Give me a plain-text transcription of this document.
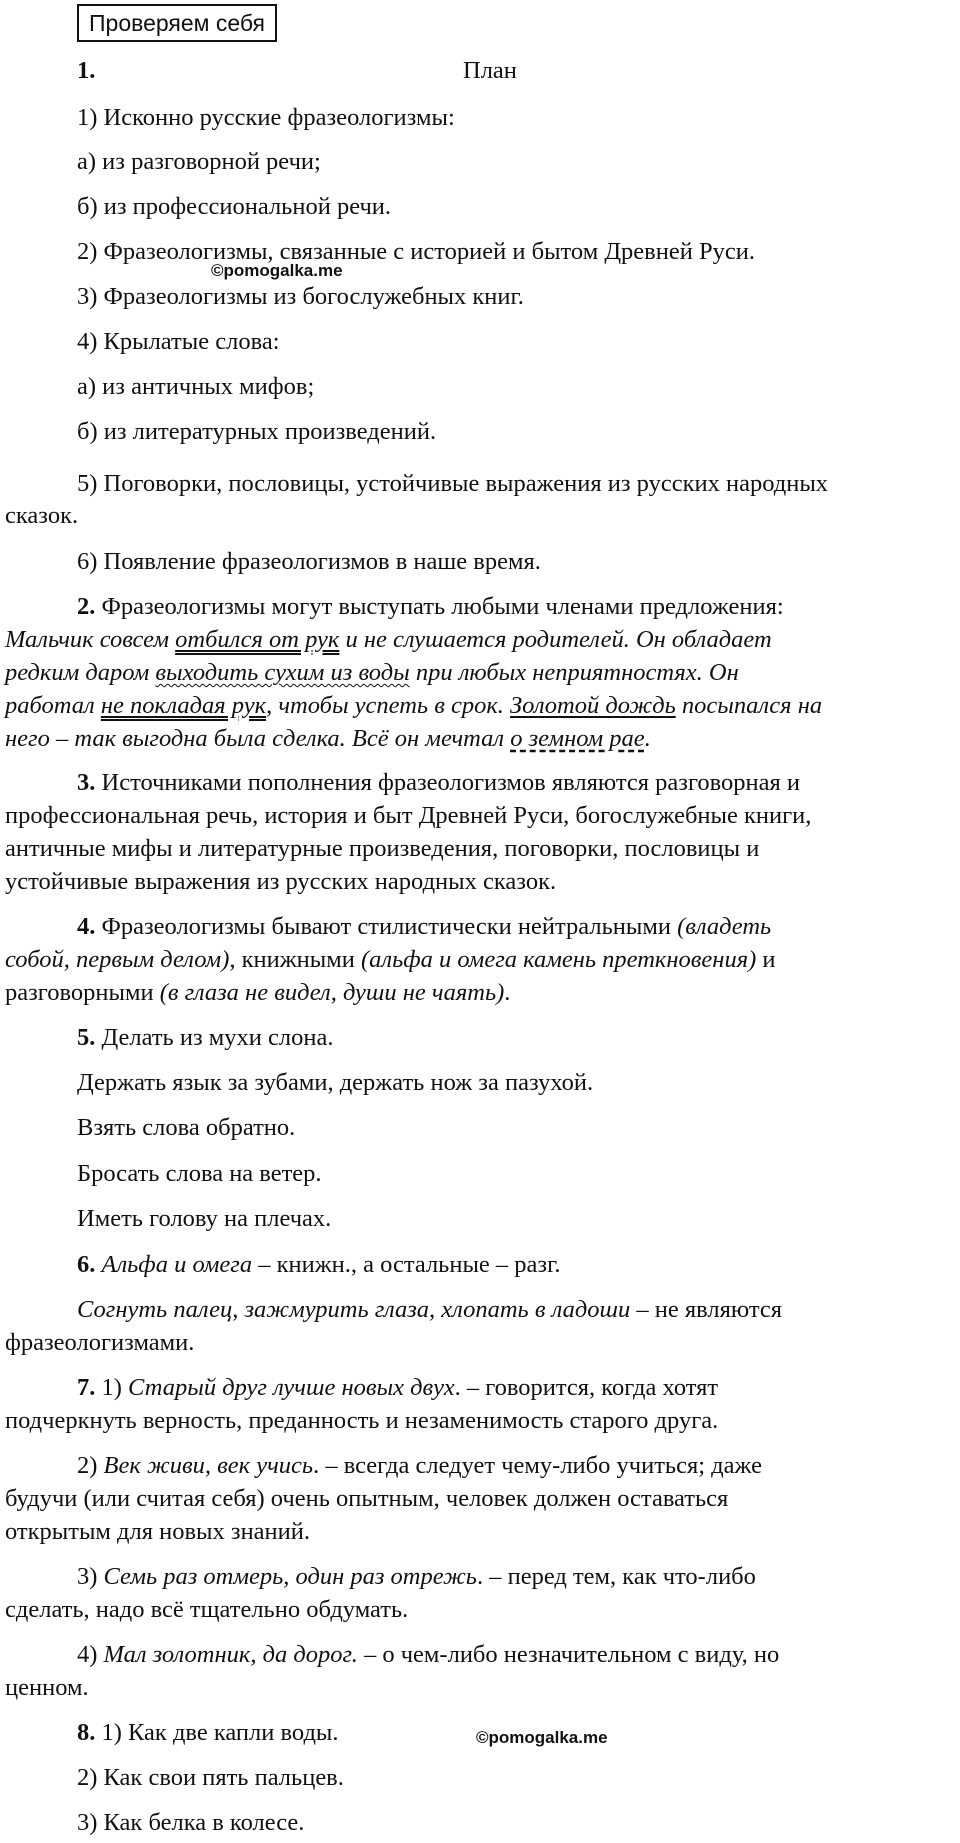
Проверяем себя
1.	План
1) Исконно русские фразеологизмы:
а) из разговорной речи;
б) из профессиональной речи.
2) Фразеологизмы, связанные с историей и бытом Древней Руси.
©pomogalka.me
3) Фразеологизмы из богослужебных книг.
4) Крылатые слова:
а) из античных мифов;
б) из литературных произведений.
5) Поговорки, пословицы, устойчивые выражения из русских народных
сказок.
6) Появление фразеологизмов в наше время.
2. Фразеологизмы могут выступать любыми членами предложения:
Мальчик совсем отбился от рук и не слушается родителей. Он обладает
редким даром выходить сухим из воды при любых неприятностях. Он
работал не покладая рук, чтобы успеть в срок. Золотой дождь посыпался на
него – так выгодна была сделка. Всё он мечтал о земном рае.
3. Источниками пополнения фразеологизмов являются разговорная и
профессиональная речь, история и быт Древней Руси, богослужебные книги,
античные мифы и литературные произведения, поговорки, пословицы и
устойчивые выражения из русских народных сказок.
4. Фразеологизмы бывают стилистически нейтральными (владеть
собой, первым делом), книжными (альфа и омега камень преткновения) и
разговорными (в глаза не видел, души не чаять).
5. Делать из мухи слона.
Держать язык за зубами, держать нож за пазухой.
Взять слова обратно.
Бросать слова на ветер.
Иметь голову на плечах.
6. Альфа и омега – книжн., а остальные – разг.
Согнуть палец, зажмурить глаза, хлопать в ладоши – не являются
фразеологизмами.
7. 1) Старый друг лучше новых двух. – говорится, когда хотят
подчеркнуть верность, преданность и незаменимость старого друга.
2) Век живи, век учись. – всегда следует чему-либо учиться; даже
будучи (или считая себя) очень опытным, человек должен оставаться
открытым для новых знаний.
3) Семь раз отмерь, один раз отрежь. – перед тем, как что-либо
сделать, надо всё тщательно обдумать.
4) Мал золотник, да дорог. – о чем-либо незначительном с виду, но
ценном.
8. 1) Как две капли воды.	©pomogalka.me
2) Как свои пять пальцев.
3) Как белка в колесе.
